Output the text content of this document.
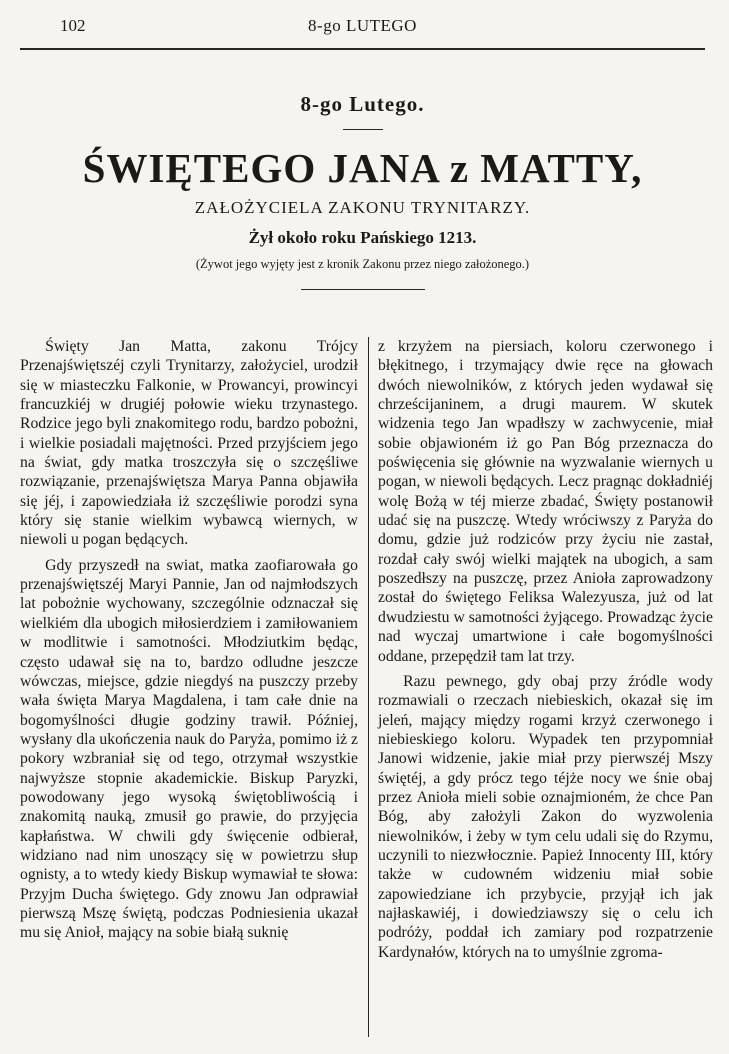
102	8-go LUTEGO
8-go Lutego.
ŚWIĘTEGO JANA z MATTY,
ZAŁOŻYCIELA ZAKONU TRYNITARZY.
Żył około roku Pańskiego 1213.
(Żywot jego wyjęty jest z kronik Zakonu przez niego założonego.)

Święty Jan Matta, zakonu Trójcy Przenajświętszéj czyli Trynitarzy, założyciel, urodził się w miasteczku Falkonie, w Prowancyi, prowincyi francuzkiéj w drugiéj połowie wieku trzynastego. Rodzice jego byli znakomitego rodu, bardzo pobożni, i wielkie posiadali majętności. Przed przyjściem jego na świat, gdy matka troszczyła się o szczęśliwe rozwiązanie, przenajświętsza Marya Panna objawiła się jéj, i zapowiedziała iż szczęśliwie porodzi syna który się stanie wielkim wybawcą wiernych, w niewoli u pogan będących.

Gdy przyszedł na swiat, matka zaofiarowała go przenajświętszéj Maryi Pannie, Jan od najmłodszych lat pobożnie wychowany, szczególnie odznaczał się wielkiém dla ubogich miłosierdziem i zamiłowaniem w modlitwie i samotności. Młodziutkim będąc, często udawał się na to, bardzo odludne jeszcze wówczas, miejsce, gdzie niegdyś na puszczy przeby wała święta Marya Magdalena, i tam całe dnie na bogomyślności długie godziny trawił. Później, wysłany dla ukończenia nauk do Paryża, pomimo iż z pokory wzbraniał się od tego, otrzymał wszystkie najwyższe stopnie akademickie. Biskup Paryzki, powodowany jego wysoką świętobliwością i znakomitą nauką, zmusił go prawie, do przyjęcia kapłaństwa. W chwili gdy święcenie odbierał, widziano nad nim unoszący się w powietrzu słup ognisty, a to wtedy kiedy Biskup wymawiał te słowa: Przyjm Ducha świętego. Gdy znowu Jan odprawiał pierwszą Mszę świętą, podczas Podniesienia ukazał mu się Anioł, mający na sobie białą suknię

z krzyżem na piersiach, koloru czerwonego i błękitnego, i trzymający dwie ręce na głowach dwóch niewolników, z których jeden wydawał się chrześcijaninem, a drugi maurem. W skutek widzenia tego Jan wpadłszy w zachwycenie, miał sobie objawioném iż go Pan Bóg przeznacza do poświęcenia się głównie na wyzwalanie wiernych u pogan, w niewoli będących. Lecz pragnąc dokładniéj wolę Bożą w téj mierze zbadać, Święty postanowił udać się na puszczę. Wtedy wróciwszy z Paryża do domu, gdzie już rodziców przy życiu nie zastał, rozdał cały swój wielki majątek na ubogich, a sam poszedłszy na puszczę, przez Anioła zaprowadzony został do świętego Feliksa Walezyusza, już od lat dwudziestu w samotności żyjącego. Prowadząc życie nad wyczaj umartwione i całe bogomyślności oddane, przepędził tam lat trzy.

Razu pewnego, gdy obaj przy źródle wody rozmawiali o rzeczach niebieskich, okazał się im jeleń, mający między rogami krzyż czerwonego i niebieskiego koloru. Wypadek ten przypomniał Janowi widzenie, jakie miał przy pierwszéj Mszy świętéj, a gdy prócz tego téjże nocy we śnie obaj przez Anioła mieli sobie oznajmioném, że chce Pan Bóg, aby założyli Zakon do wyzwolenia niewolników, i żeby w tym celu udali się do Rzymu, uczynili to niezwłocznie. Papież Innocenty III, który także w cudowném widzeniu miał sobie zapowiedziane ich przybycie, przyjął ich jak najłaskawiéj, i dowiedziawszy się o celu ich podróży, poddał ich zamiary pod rozpatrzenie Kardynałów, których na to umyślnie zgroma-
